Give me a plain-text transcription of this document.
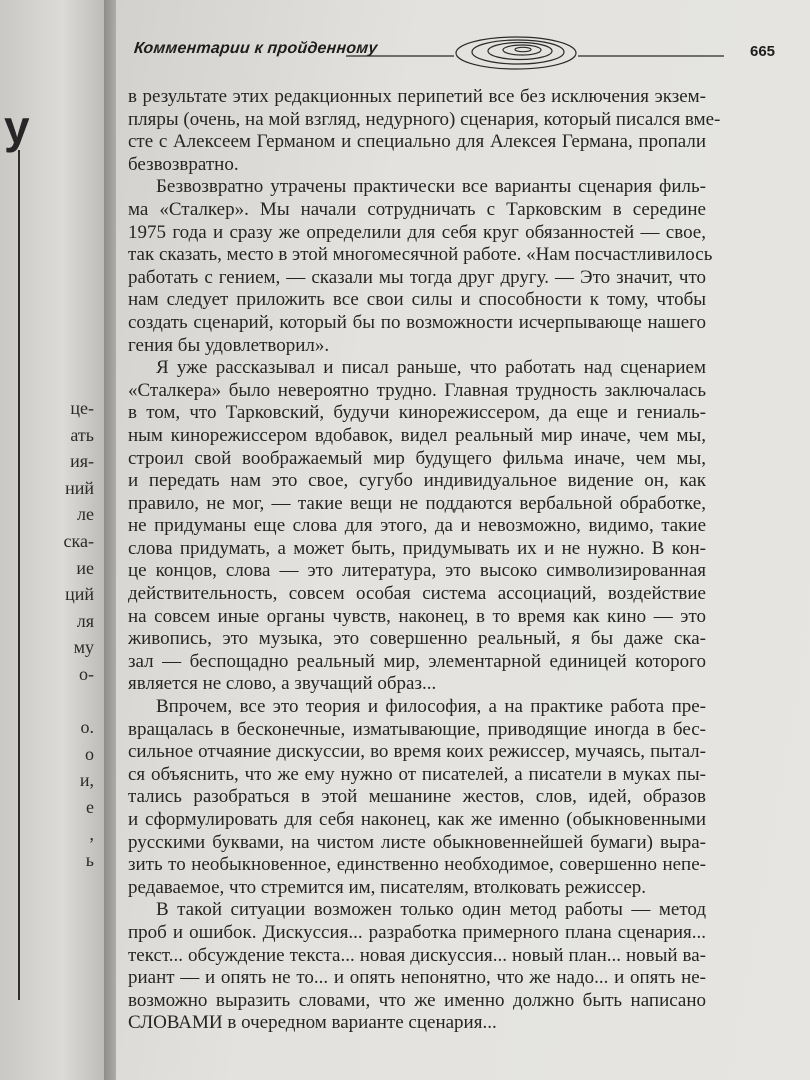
у
це-
ать
ия-
ний
ле
ска-
ие
ций
ля
му
о-

о.
о
и,
е
,
ь
Комментарии к пройденному	665

в результате этих редакционных перипетий все без исключения экзем-

пляры (очень, на мой взгляд, недурного) сценария, который писался вме-

сте с Алексеем Германом и специально для Алексея Германа, пропали

безвозвратно.

Безвозвратно утрачены практически все варианты сценария филь-

ма «Сталкер». Мы начали сотрудничать с Тарковским в середине

1975 года и сразу же определили для себя круг обязанностей — свое,

так сказать, место в этой многомесячной работе. «Нам посчастливилось

работать с гением, — сказали мы тогда друг другу. — Это значит, что

нам следует приложить все свои силы и способности к тому, чтобы

создать сценарий, который бы по возможности исчерпывающе нашего

гения бы удовлетворил».

Я уже рассказывал и писал раньше, что работать над сценарием

«Сталкера» было невероятно трудно. Главная трудность заключалась

в том, что Тарковский, будучи кинорежиссером, да еще и гениаль-

ным кинорежиссером вдобавок, видел реальный мир иначе, чем мы,

строил свой воображаемый мир будущего фильма иначе, чем мы,

и передать нам это свое, сугубо индивидуальное видение он, как

правило, не мог, — такие вещи не поддаются вербальной обработке,

не придуманы еще слова для этого, да и невозможно, видимо, такие

слова придумать, а может быть, придумывать их и не нужно. В кон-

це концов, слова — это литература, это высоко символизированная

действительность, совсем особая система ассоциаций, воздействие

на совсем иные органы чувств, наконец, в то время как кино — это

живопись, это музыка, это совершенно реальный, я бы даже ска-

зал — беспощадно реальный мир, элементарной единицей которого

является не слово, а звучащий образ...

Впрочем, все это теория и философия, а на практике работа пре-

вращалась в бесконечные, изматывающие, приводящие иногда в бес-

сильное отчаяние дискуссии, во время коих режиссер, мучаясь, пытал-

ся объяснить, что же ему нужно от писателей, а писатели в муках пы-

тались разобраться в этой мешанине жестов, слов, идей, образов

и сформулировать для себя наконец, как же именно (обыкновенными

русскими буквами, на чистом листе обыкновеннейшей бумаги) выра-

зить то необыкновенное, единственно необходимое, совершенно непе-

редаваемое, что стремится им, писателям, втолковать режиссер.

В такой ситуации возможен только один метод работы — метод

проб и ошибок. Дискуссия... разработка примерного плана сценария...

текст... обсуждение текста... новая дискуссия... новый план... новый ва-

риант — и опять не то... и опять непонятно, что же надо... и опять не-

возможно выразить словами, что же именно должно быть написано

СЛОВАМИ в очередном варианте сценария...
